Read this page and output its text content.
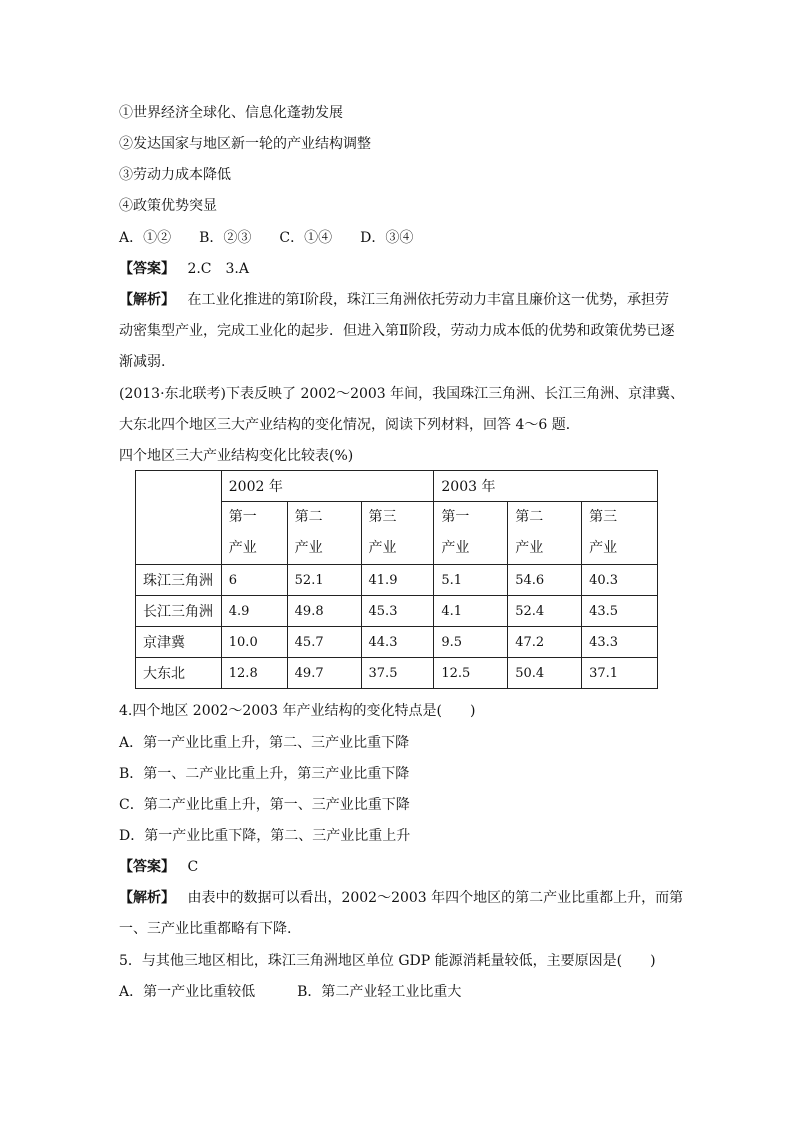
①世界经济全球化、信息化蓬勃发展
②发达国家与地区新一轮的产业结构调整
③劳动力成本降低
④政策优势突显
A．①②　　B．②③　　C．①④　　D．③④
【答案】 2.C　3.A
【解析】 在工业化推进的第Ⅰ阶段，珠江三角洲依托劳动力丰富且廉价这一优势，承担劳
动密集型产业，完成工业化的起步．但进入第Ⅱ阶段，劳动力成本低的优势和政策优势已逐
渐减弱.
(2013·东北联考)下表反映了 2002～2003 年间，我国珠江三角洲、长江三角洲、京津冀、
大东北四个地区三大产业结构的变化情况，阅读下列材料，回答 4～6 题．
四个地区三大产业结构变化比较表(%)
	2002 年			2003 年		
	第一
产业	第二
产业	第三
产业	第一
产业	第二
产业	第三
产业
珠江三角洲	6	52.1	41.9	5.1	54.6	40.3
长江三角洲	4.9	49.8	45.3	4.1	52.4	43.5
京津冀	10.0	45.7	44.3	9.5	47.2	43.3
大东北	12.8	49.7	37.5	12.5	50.4	37.1
4.四个地区 2002～2003 年产业结构的变化特点是(　　)
A．第一产业比重上升，第二、三产业比重下降
B．第一、二产业比重上升，第三产业比重下降
C．第二产业比重上升，第一、三产业比重下降
D．第一产业比重下降，第二、三产业比重上升
【答案】 C
【解析】 由表中的数据可以看出，2002～2003 年四个地区的第二产业比重都上升，而第
一、三产业比重都略有下降.
5．与其他三地区相比，珠江三角洲地区单位 GDP 能源消耗量较低，主要原因是(　　)
A．第一产业比重较低　　　B．第二产业轻工业比重大
